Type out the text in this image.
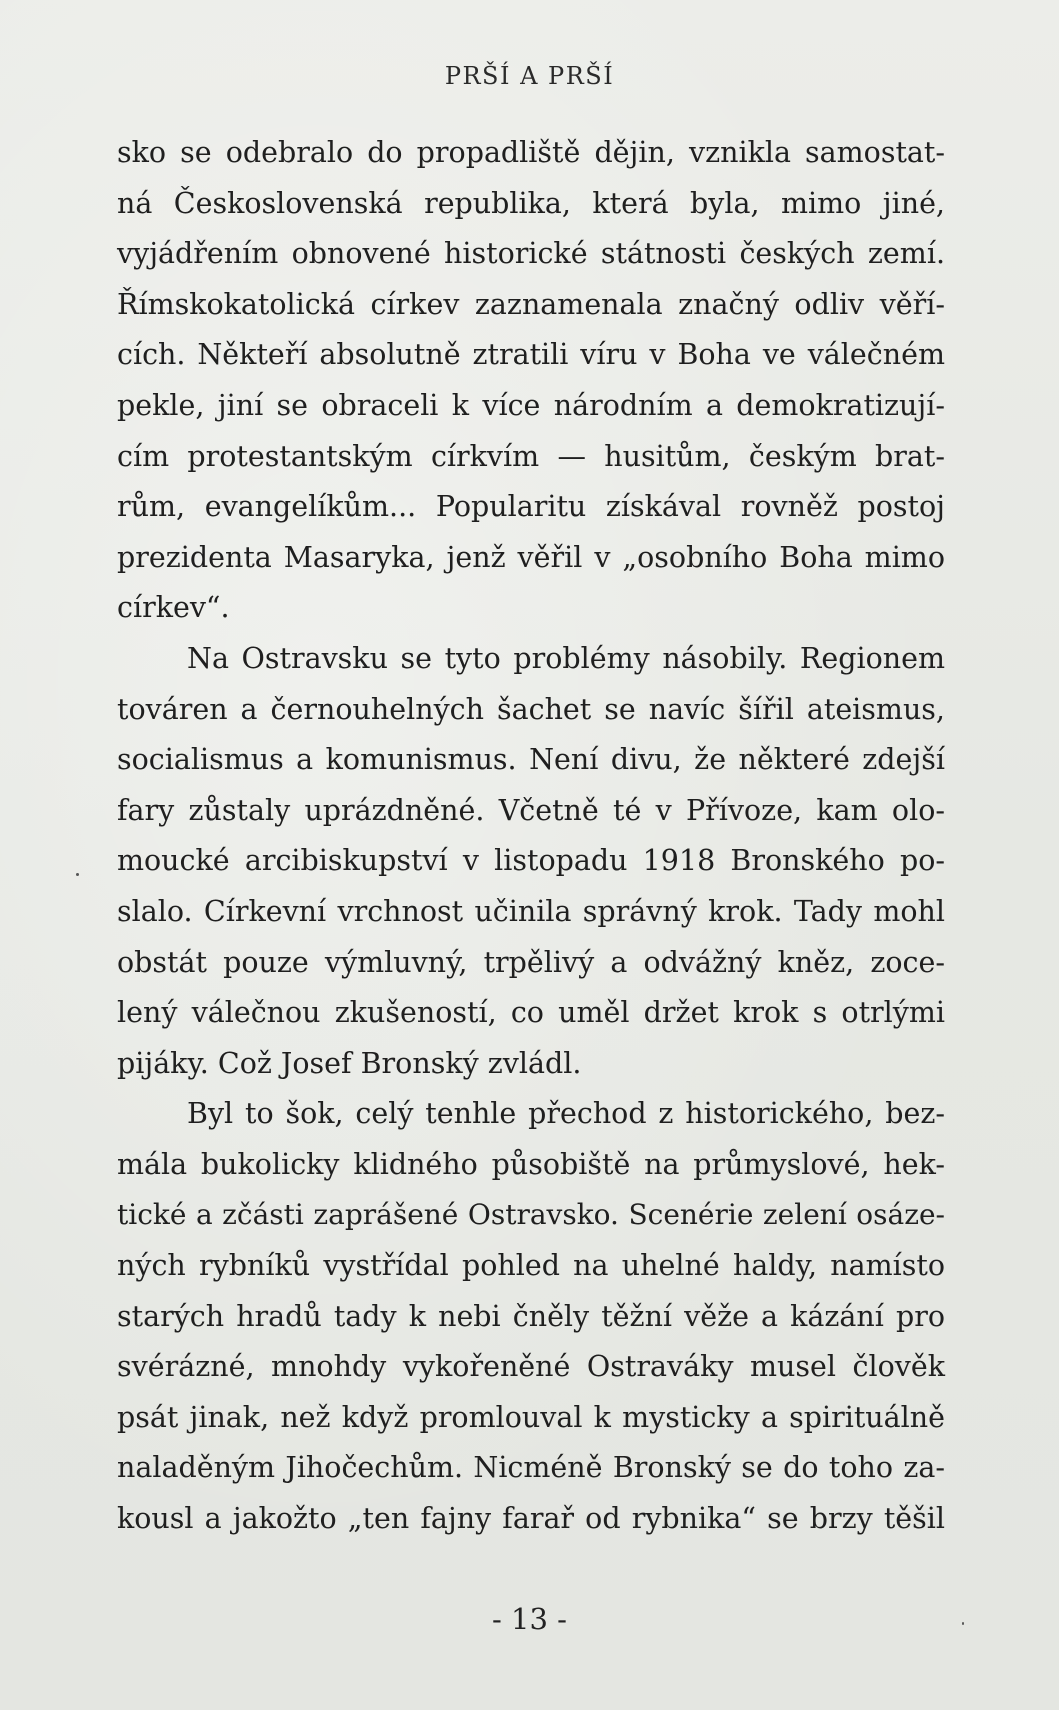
PRŠÍ A PRŠÍ
sko se odebralo do propadliště dějin, vznikla samostat-
ná Československá republika, která byla, mimo jiné,
vyjádřením obnovené historické státnosti českých zemí.
Římskokatolická církev zaznamenala značný odliv věří-
cích. Někteří absolutně ztratili víru v Boha ve válečném
pekle, jiní se obraceli k více národním a demokratizují-
cím protestantským církvím — husitům, českým brat-
rům, evangelíkům... Popularitu získával rovněž postoj
prezidenta Masaryka, jenž věřil v „osobního Boha mimo
církev“.
Na Ostravsku se tyto problémy násobily. Regionem
továren a černouhelných šachet se navíc šířil ateismus,
socialismus a komunismus. Není divu, že některé zdejší
fary zůstaly uprázdněné. Včetně té v Přívoze, kam olo-
moucké arcibiskupství v listopadu 1918 Bronského po-
slalo. Církevní vrchnost učinila správný krok. Tady mohl
obstát pouze výmluvný, trpělivý a odvážný kněz, zoce-
lený válečnou zkušeností, co uměl držet krok s otrlými
pijáky. Což Josef Bronský zvládl.
Byl to šok, celý tenhle přechod z historického, bez-
mála bukolicky klidného působiště na průmyslové, hek-
tické a zčásti zaprášené Ostravsko. Scenérie zelení osáze-
ných rybníků vystřídal pohled na uhelné haldy, namísto
starých hradů tady k nebi čněly těžní věže a kázání pro
svérázné, mnohdy vykořeněné Ostraváky musel člověk
psát jinak, než když promlouval k mysticky a spirituálně
naladěným Jihočechům. Nicméně Bronský se do toho za-
kousl a jakožto „ten fajny farař od rybnika“ se brzy těšil
- 13 -
